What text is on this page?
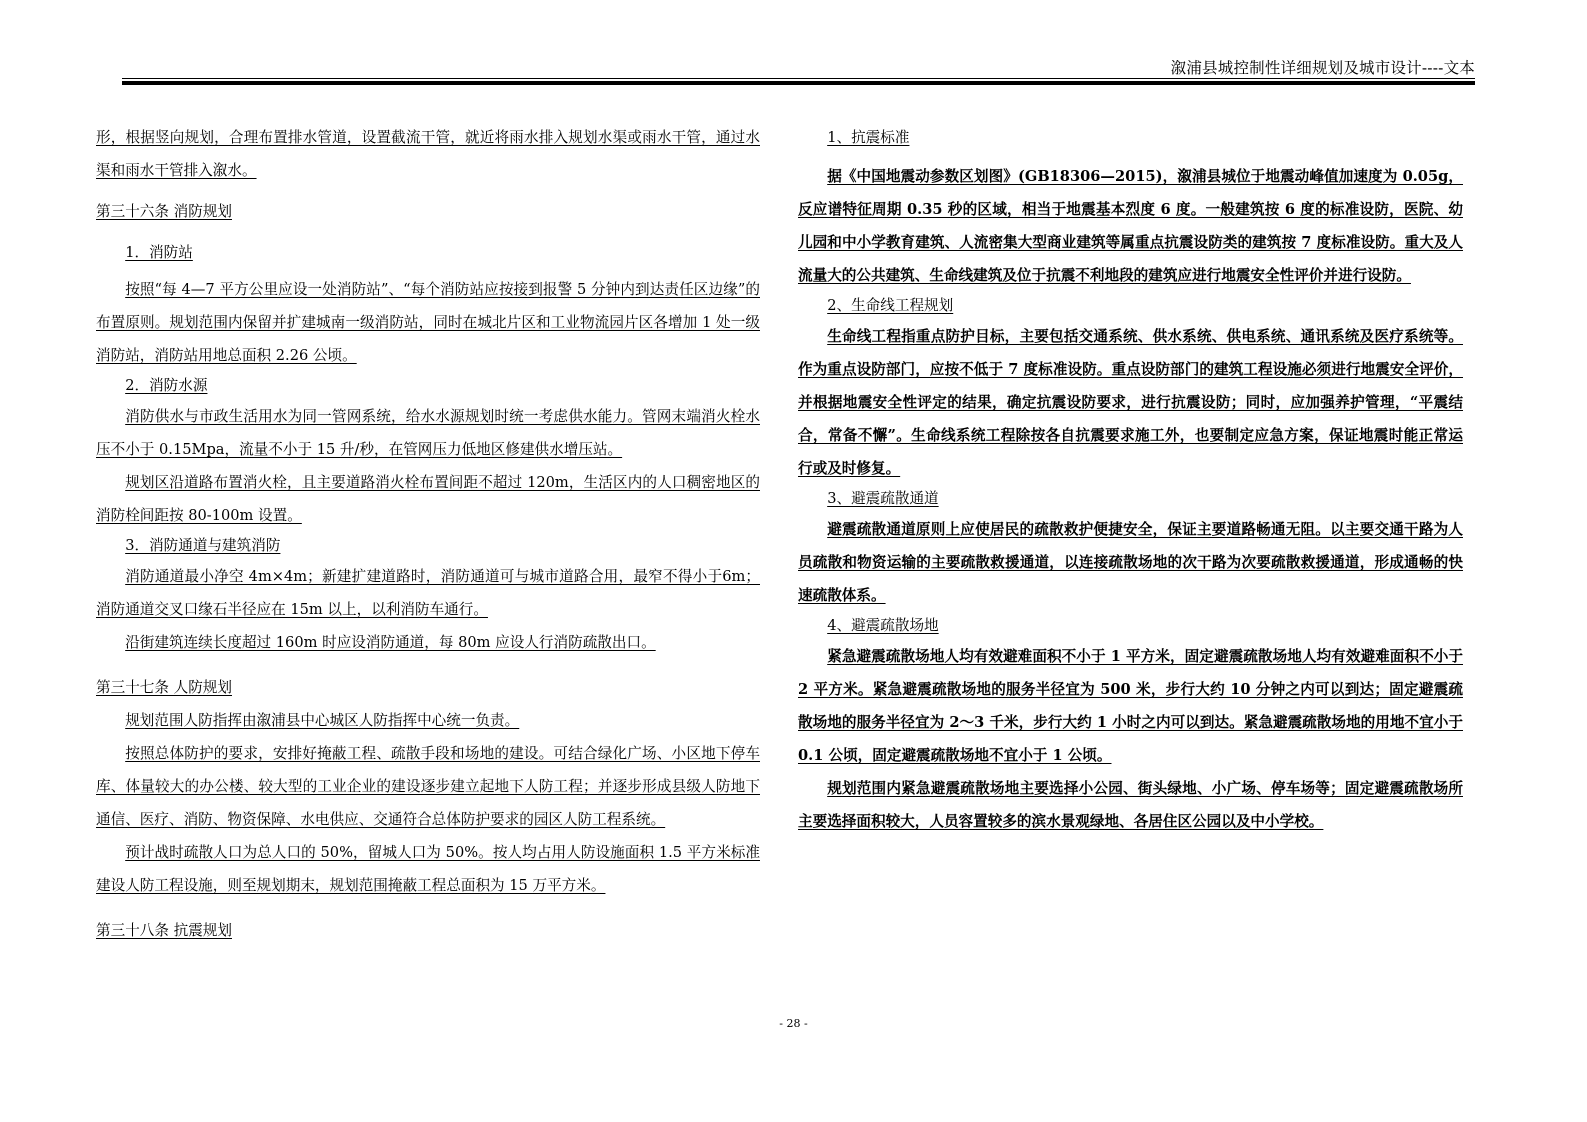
溆浦县城控制性详细规划及城市设计----文本

形，根据竖向规划，合理布置排水管道，设置截流干管，就近将雨水排入规划水渠或雨水干管，通过水渠和雨水干管排入溆水。

第三十六条 消防规划

1．消防站

按照“每 4—7 平方公里应设一处消防站”、“每个消防站应按接到报警 5 分钟内到达责任区边缘”的布置原则。规划范围内保留并扩建城南一级消防站，同时在城北片区和工业物流园片区各增加 1 处一级消防站，消防站用地总面积 2.26 公顷。

2．消防水源

消防供水与市政生活用水为同一管网系统，给水水源规划时统一考虑供水能力。管网末端消火栓水压不小于 0.15Mpa，流量不小于 15 升/秒，在管网压力低地区修建供水增压站。

规划区沿道路布置消火栓，且主要道路消火栓布置间距不超过 120m，生活区内的人口稠密地区的消防栓间距按 80-100m 设置。

3．消防通道与建筑消防

消防通道最小净空 4m×4m；新建扩建道路时，消防通道可与城市道路合用，最窄不得小于6m；消防通道交叉口缘石半径应在 15m 以上，以利消防车通行。

沿街建筑连续长度超过 160m 时应设消防通道，每 80m 应设人行消防疏散出口。

第三十七条 人防规划

规划范围人防指挥由溆浦县中心城区人防指挥中心统一负责。

按照总体防护的要求，安排好掩蔽工程、疏散手段和场地的建设。可结合绿化广场、小区地下停车库、体量较大的办公楼、较大型的工业企业的建设逐步建立起地下人防工程；并逐步形成县级人防地下通信、医疗、消防、物资保障、水电供应、交通符合总体防护要求的园区人防工程系统。

预计战时疏散人口为总人口的 50%，留城人口为 50%。按人均占用人防设施面积 1.5 平方米标准建设人防工程设施，则至规划期末，规划范围掩蔽工程总面积为 15 万平方米。

第三十八条 抗震规划

1、抗震标准

据《中国地震动参数区划图》(GB18306—2015)，溆浦县城位于地震动峰值加速度为 0.05g，反应谱特征周期 0.35 秒的区域，相当于地震基本烈度 6 度。一般建筑按 6 度的标准设防，医院、幼儿园和中小学教育建筑、人流密集大型商业建筑等属重点抗震设防类的建筑按 7 度标准设防。重大及人流量大的公共建筑、生命线建筑及位于抗震不利地段的建筑应进行地震安全性评价并进行设防。

2、生命线工程规划

生命线工程指重点防护目标，主要包括交通系统、供水系统、供电系统、通讯系统及医疗系统等。作为重点设防部门，应按不低于 7 度标准设防。重点设防部门的建筑工程设施必须进行地震安全评价，并根据地震安全性评定的结果，确定抗震设防要求，进行抗震设防；同时，应加强养护管理，“平震结合，常备不懈”。生命线系统工程除按各自抗震要求施工外，也要制定应急方案，保证地震时能正常运行或及时修复。

3、避震疏散通道

避震疏散通道原则上应使居民的疏散救护便捷安全，保证主要道路畅通无阻。以主要交通干路为人员疏散和物资运输的主要疏散救援通道，以连接疏散场地的次干路为次要疏散救援通道，形成通畅的快速疏散体系。

4、避震疏散场地

紧急避震疏散场地人均有效避难面积不小于 1 平方米，固定避震疏散场地人均有效避难面积不小于 2 平方米。紧急避震疏散场地的服务半径宜为 500 米，步行大约 10 分钟之内可以到达；固定避震疏散场地的服务半径宜为 2～3 千米，步行大约 1 小时之内可以到达。紧急避震疏散场地的用地不宜小于 0.1 公顷，固定避震疏散场地不宜小于 1 公顷。

规划范围内紧急避震疏散场地主要选择小公园、街头绿地、小广场、停车场等；固定避震疏散场所主要选择面积较大，人员容置较多的滨水景观绿地、各居住区公园以及中小学校。

- 28 -
